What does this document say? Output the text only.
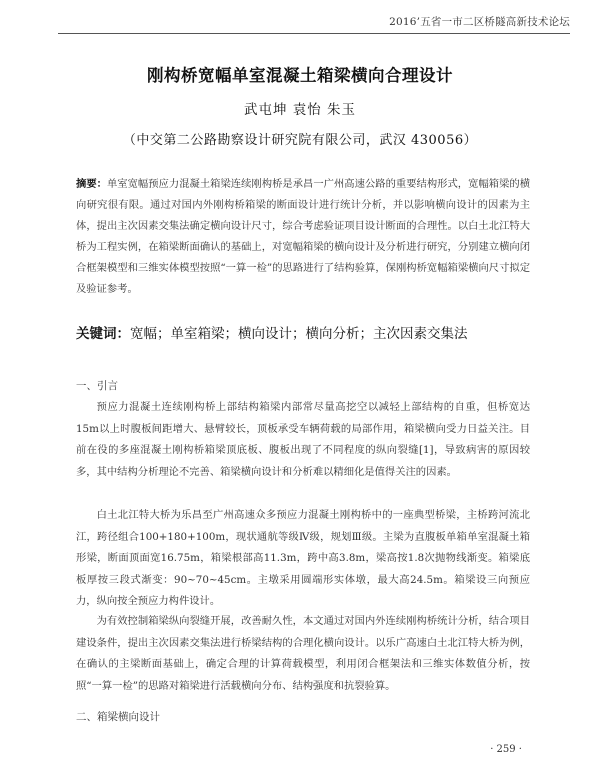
2016’五省一市二区桥隧高新技术论坛
刚构桥宽幅单室混凝土箱梁横向合理设计
武屯坤 袁怡 朱玉
（中交第二公路勘察设计研究院有限公司，武汉 430056）
摘要：单室宽幅预应力混凝土箱梁连续刚构桥是承昌一广州高速公路的重要结构形式，宽幅箱梁的横向研究很有限。通过对国内外刚构桥箱梁的断面设计进行统计分析，并以影响横向设计的因素为主体，提出主次因素交集法确定横向设计尺寸，综合考虑验证项目设计断面的合理性。以白土北江特大桥为工程实例，在箱梁断面确认的基础上，对宽幅箱梁的横向设计及分析进行研究，分别建立横向闭合框架模型和三维实体模型按照“一算一检”的思路进行了结构验算，保刚构桥宽幅箱梁横向尺寸拟定及验证参考。
关键词：宽幅；单室箱梁；横向设计；横向分析；主次因素交集法
一、引言
预应力混凝土连续刚构桥上部结构箱梁内部常尽量高挖空以减轻上部结构的自重，但桥宽达15m以上时腹板间距增大、悬臂较长，顶板承受车辆荷载的局部作用，箱梁横向受力日益关注。目前在役的多座混凝土刚构桥箱梁顶底板、腹板出现了不同程度的纵向裂缝[1]，导致病害的原因较多，其中结构分析理论不完善、箱梁横向设计和分析难以精细化是值得关注的因素。
白土北江特大桥为乐昌至广州高速众多预应力混凝土刚构桥中的一座典型桥梁，主桥跨河流北江，跨径组合100+180+100m，现状通航等级Ⅳ级，规划Ⅲ级。主梁为直腹板单箱单室混凝土箱形梁，断面顶面宽16.75m，箱梁根部高11.3m，跨中高3.8m，梁高按1.8次抛物线渐变。箱梁底板厚按三段式渐变：90~70~45cm。主墩采用圆端形实体墩，最大高24.5m。箱梁设三向预应力，纵向按全预应力构件设计。
为有效控制箱梁纵向裂缝开展，改善耐久性，本文通过对国内外连续刚构桥统计分析，结合项目建设条件，提出主次因素交集法进行桥梁结构的合理化横向设计。以乐广高速白土北江特大桥为例，在确认的主梁断面基础上，确定合理的计算荷载模型，利用闭合框架法和三维实体数值分析，按照“一算一检”的思路对箱梁进行活载横向分布、结构强度和抗裂验算。
二、箱梁横向设计
· 259 ·
